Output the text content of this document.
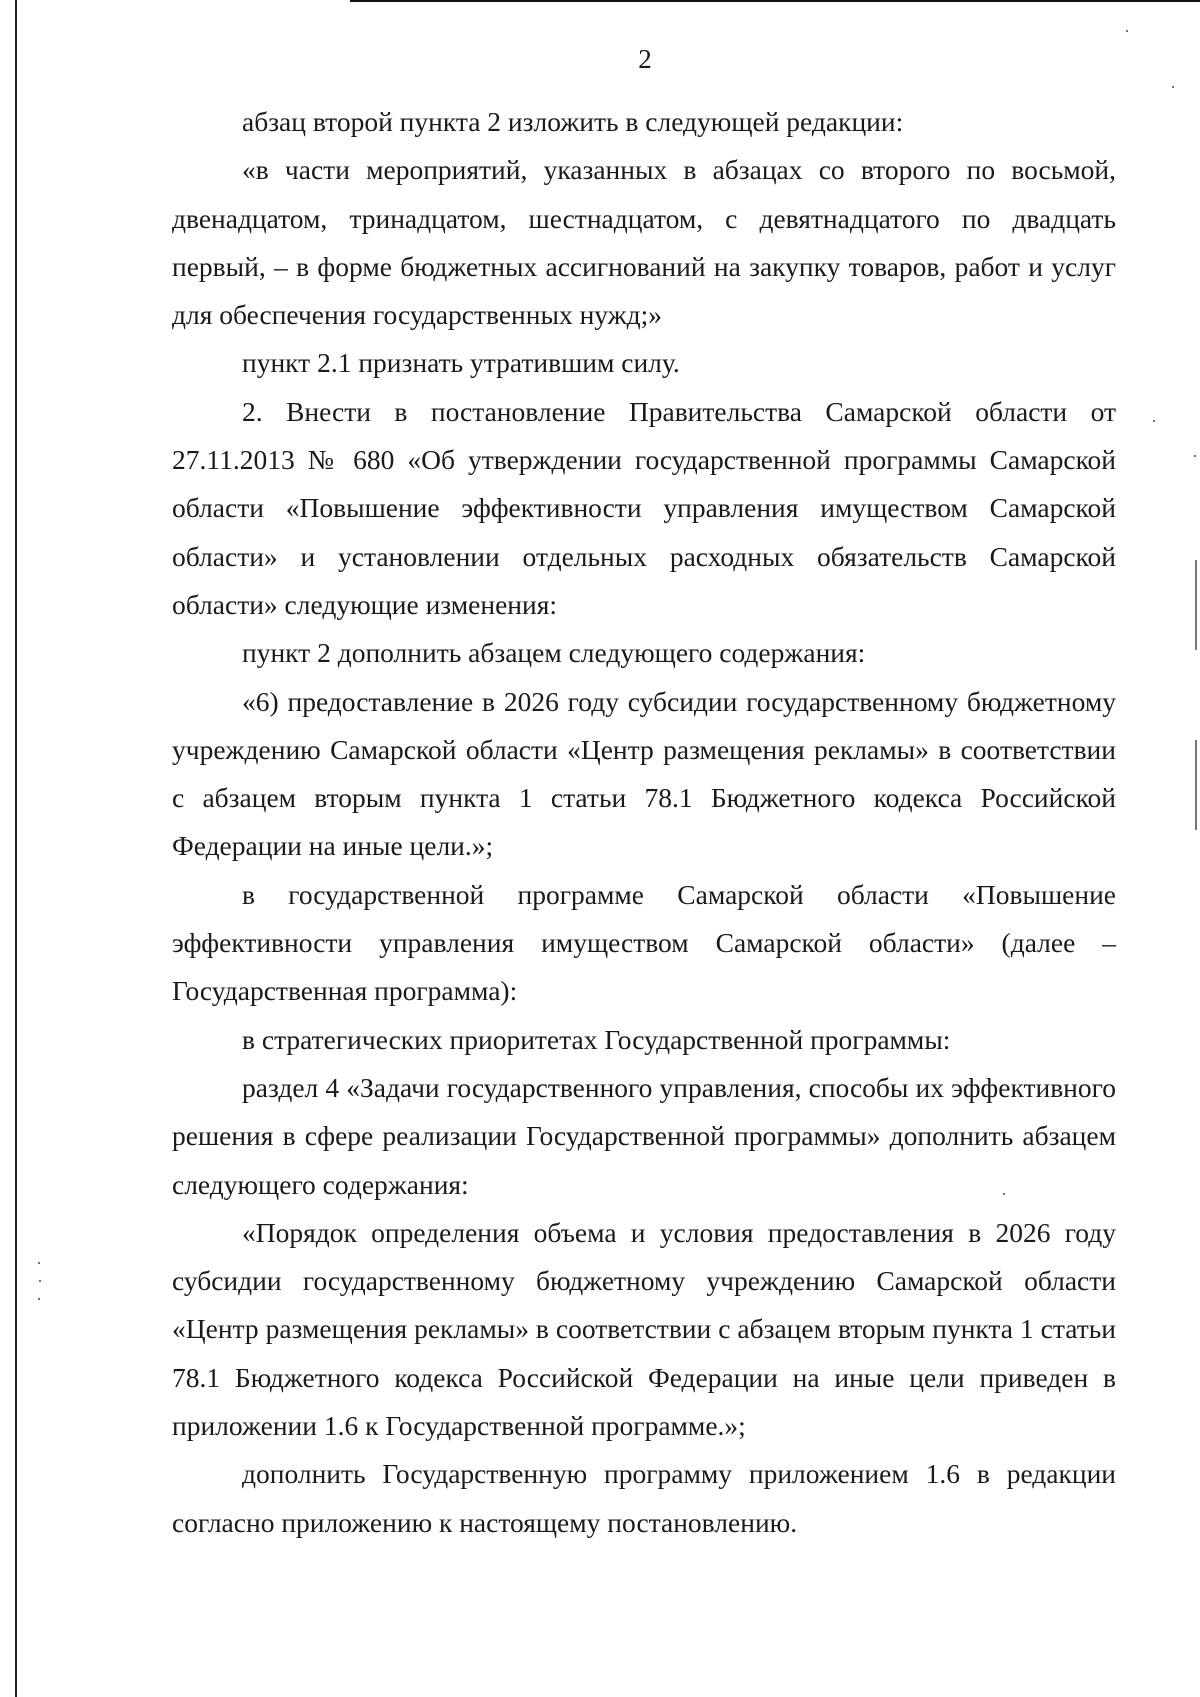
2

абзац второй пункта 2 изложить в следующей редакции:

«в части мероприятий, указанных в абзацах со второго по восьмой, двенадцатом, тринадцатом, шестнадцатом, с девятнадцатого по двадцать первый, – в форме бюджетных ассигнований на закупку товаров, работ и услуг для обеспечения государственных нужд;»

пункт 2.1 признать утратившим силу.

2. Внести в постановление Правительства Самарской области от 27.11.2013 № 680 «Об утверждении государственной программы Самарской области «Повышение эффективности управления имуществом Самарской области» и установлении отдельных расходных обязательств Самарской области» следующие изменения:

пункт 2 дополнить абзацем следующего содержания:

«6) предоставление в 2026 году субсидии государственному бюджетному учреждению Самарской области «Центр размещения рекламы» в соответствии с абзацем вторым пункта 1 статьи 78.1 Бюджетного кодекса Российской Федерации на иные цели.»;

в государственной программе Самарской области «Повышение эффективности управления имуществом Самарской области» (далее – Государственная программа):

в стратегических приоритетах Государственной программы:

раздел 4 «Задачи государственного управления, способы их эффективного решения в сфере реализации Государственной программы» дополнить абзацем следующего содержания:

«Порядок определения объема и условия предоставления в 2026 году субсидии государственному бюджетному учреждению Самарской области «Центр размещения рекламы» в соответствии с абзацем вторым пункта 1 статьи 78.1 Бюджетного кодекса Российской Федерации на иные цели приведен в приложении 1.6 к Государственной программе.»;

дополнить Государственную программу приложением 1.6 в редакции согласно приложению к настоящему постановлению.
